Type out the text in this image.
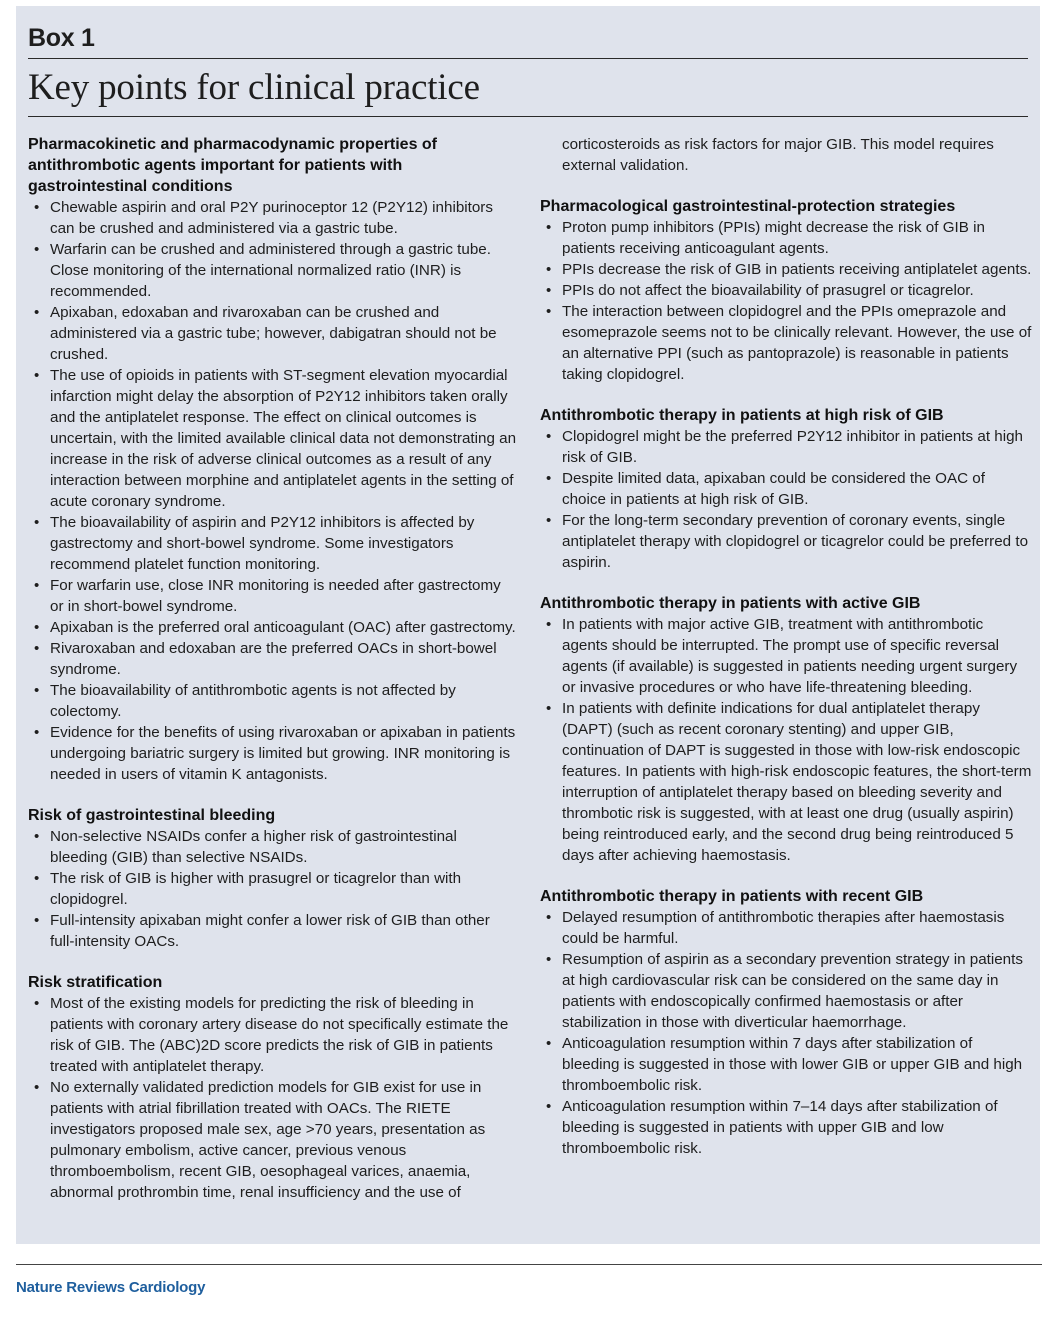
Box 1
Key points for clinical practice
Pharmacokinetic and pharmacodynamic properties of antithrombotic agents important for patients with gastrointestinal conditions
• Chewable aspirin and oral P2Y purinoceptor 12 (P2Y12) inhibitors can be crushed and administered via a gastric tube.
• Warfarin can be crushed and administered through a gastric tube. Close monitoring of the international normalized ratio (INR) is recommended.
• Apixaban, edoxaban and rivaroxaban can be crushed and administered via a gastric tube; however, dabigatran should not be crushed.
• The use of opioids in patients with ST-segment elevation myocardial infarction might delay the absorption of P2Y12 inhibitors taken orally and the antiplatelet response. The effect on clinical outcomes is uncertain, with the limited available clinical data not demonstrating an increase in the risk of adverse clinical outcomes as a result of any interaction between morphine and antiplatelet agents in the setting of acute coronary syndrome.
• The bioavailability of aspirin and P2Y12 inhibitors is affected by gastrectomy and short-bowel syndrome. Some investigators recommend platelet function monitoring.
• For warfarin use, close INR monitoring is needed after gastrectomy or in short-bowel syndrome.
• Apixaban is the preferred oral anticoagulant (OAC) after gastrectomy.
• Rivaroxaban and edoxaban are the preferred OACs in short-bowel syndrome.
• The bioavailability of antithrombotic agents is not affected by colectomy.
• Evidence for the benefits of using rivaroxaban or apixaban in patients undergoing bariatric surgery is limited but growing. INR monitoring is needed in users of vitamin K antagonists.
Risk of gastrointestinal bleeding
• Non-selective NSAIDs confer a higher risk of gastrointestinal bleeding (GIB) than selective NSAIDs.
• The risk of GIB is higher with prasugrel or ticagrelor than with clopidogrel.
• Full-intensity apixaban might confer a lower risk of GIB than other full-intensity OACs.
Risk stratification
• Most of the existing models for predicting the risk of bleeding in patients with coronary artery disease do not specifically estimate the risk of GIB. The (ABC)2D score predicts the risk of GIB in patients treated with antiplatelet therapy.
• No externally validated prediction models for GIB exist for use in patients with atrial fibrillation treated with OACs. The RIETE investigators proposed male sex, age >70 years, presentation as pulmonary embolism, active cancer, previous venous thromboembolism, recent GIB, oesophageal varices, anaemia, abnormal prothrombin time, renal insufficiency and the use of
corticosteroids as risk factors for major GIB. This model requires external validation.
Pharmacological gastrointestinal-protection strategies
• Proton pump inhibitors (PPIs) might decrease the risk of GIB in patients receiving anticoagulant agents.
• PPIs decrease the risk of GIB in patients receiving antiplatelet agents.
• PPIs do not affect the bioavailability of prasugrel or ticagrelor.
• The interaction between clopidogrel and the PPIs omeprazole and esomeprazole seems not to be clinically relevant. However, the use of an alternative PPI (such as pantoprazole) is reasonable in patients taking clopidogrel.
Antithrombotic therapy in patients at high risk of GIB
• Clopidogrel might be the preferred P2Y12 inhibitor in patients at high risk of GIB.
• Despite limited data, apixaban could be considered the OAC of choice in patients at high risk of GIB.
• For the long-term secondary prevention of coronary events, single antiplatelet therapy with clopidogrel or ticagrelor could be preferred to aspirin.
Antithrombotic therapy in patients with active GIB
• In patients with major active GIB, treatment with antithrombotic agents should be interrupted. The prompt use of specific reversal agents (if available) is suggested in patients needing urgent surgery or invasive procedures or who have life-threatening bleeding.
• In patients with definite indications for dual antiplatelet therapy (DAPT) (such as recent coronary stenting) and upper GIB, continuation of DAPT is suggested in those with low-risk endoscopic features. In patients with high-risk endoscopic features, the short-term interruption of antiplatelet therapy based on bleeding severity and thrombotic risk is suggested, with at least one drug (usually aspirin) being reintroduced early, and the second drug being reintroduced 5 days after achieving haemostasis.
Antithrombotic therapy in patients with recent GIB
• Delayed resumption of antithrombotic therapies after haemostasis could be harmful.
• Resumption of aspirin as a secondary prevention strategy in patients at high cardiovascular risk can be considered on the same day in patients with endoscopically confirmed haemostasis or after stabilization in those with diverticular haemorrhage.
• Anticoagulation resumption within 7 days after stabilization of bleeding is suggested in those with lower GIB or upper GIB and high thromboembolic risk.
• Anticoagulation resumption within 7–14 days after stabilization of bleeding is suggested in patients with upper GIB and low thromboembolic risk.
Nature Reviews Cardiology
